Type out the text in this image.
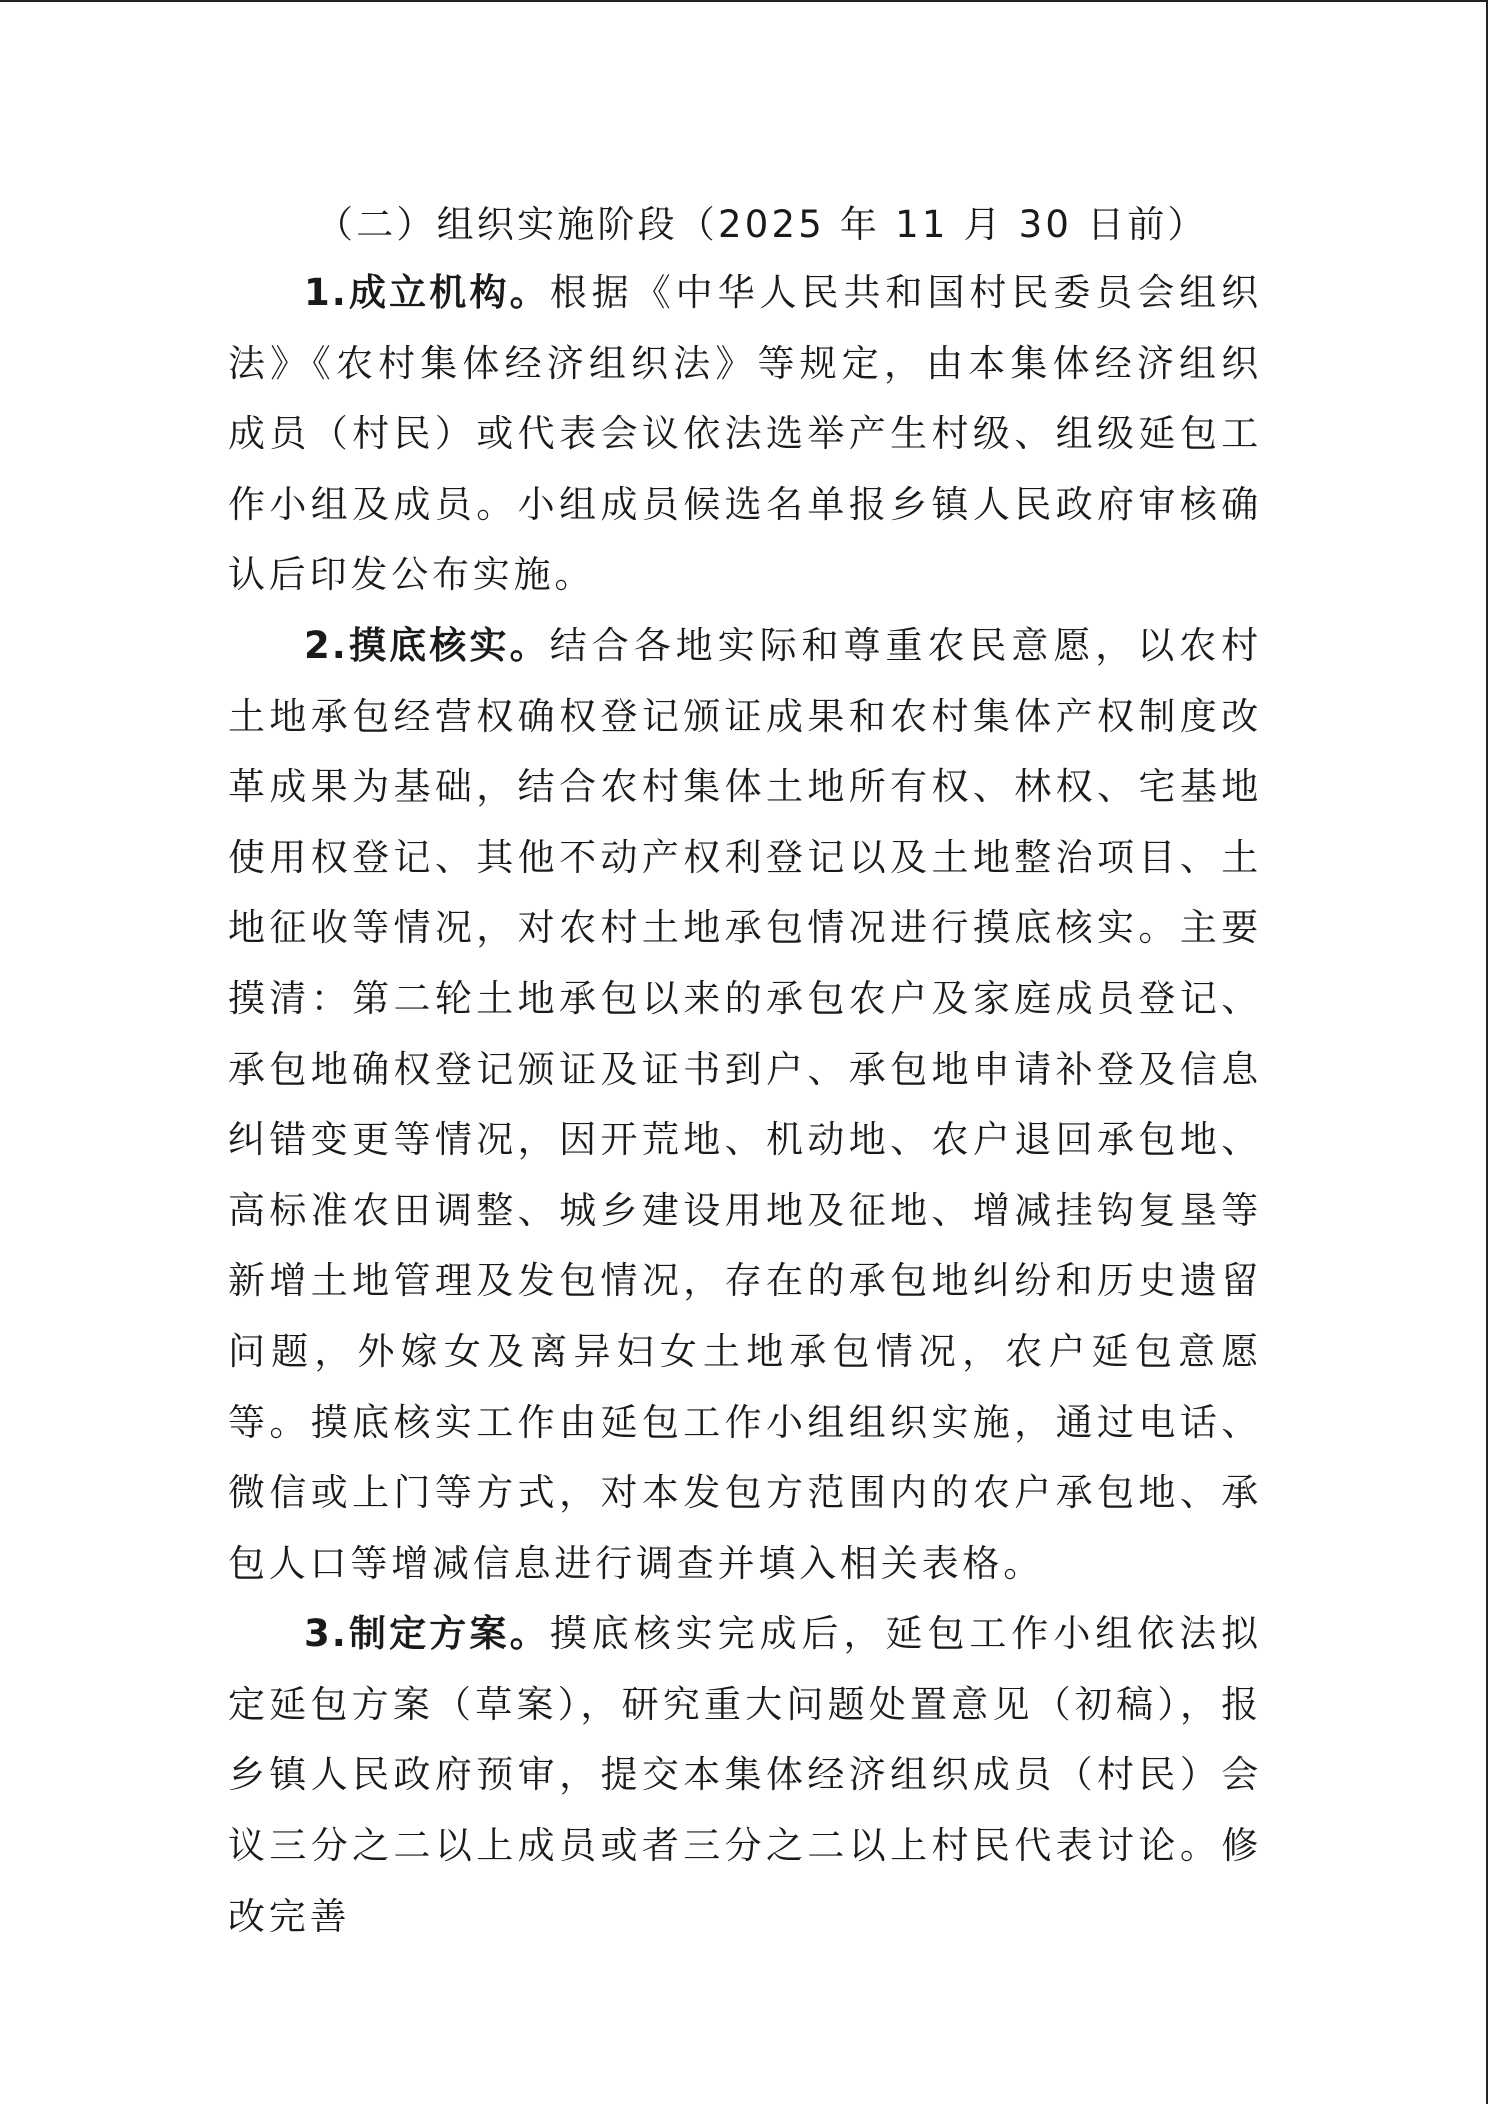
（二）组织实施阶段（2025 年 11 月 30 日前）

1.成立机构。根据《中华人民共和国村民委员会组织法》《农村集体经济组织法》等规定，由本集体经济组织成员（村民）或代表会议依法选举产生村级、组级延包工作小组及成员。小组成员候选名单报乡镇人民政府审核确认后印发公布实施。

2.摸底核实。结合各地实际和尊重农民意愿，以农村土地承包经营权确权登记颁证成果和农村集体产权制度改革成果为基础，结合农村集体土地所有权、林权、宅基地使用权登记、其他不动产权利登记以及土地整治项目、土地征收等情况，对农村土地承包情况进行摸底核实。主要摸清：第二轮土地承包以来的承包农户及家庭成员登记、承包地确权登记颁证及证书到户、承包地申请补登及信息纠错变更等情况，因开荒地、机动地、农户退回承包地、高标准农田调整、城乡建设用地及征地、增减挂钩复垦等新增土地管理及发包情况，存在的承包地纠纷和历史遗留问题，外嫁女及离异妇女土地承包情况，农户延包意愿等。摸底核实工作由延包工作小组组织实施，通过电话、微信或上门等方式，对本发包方范围内的农户承包地、承包人口等增减信息进行调查并填入相关表格。

3.制定方案。摸底核实完成后，延包工作小组依法拟定延包方案（草案），研究重大问题处置意见（初稿），报乡镇人民政府预审，提交本集体经济组织成员（村民）会议三分之二以上成员或者三分之二以上村民代表讨论。修改完善
